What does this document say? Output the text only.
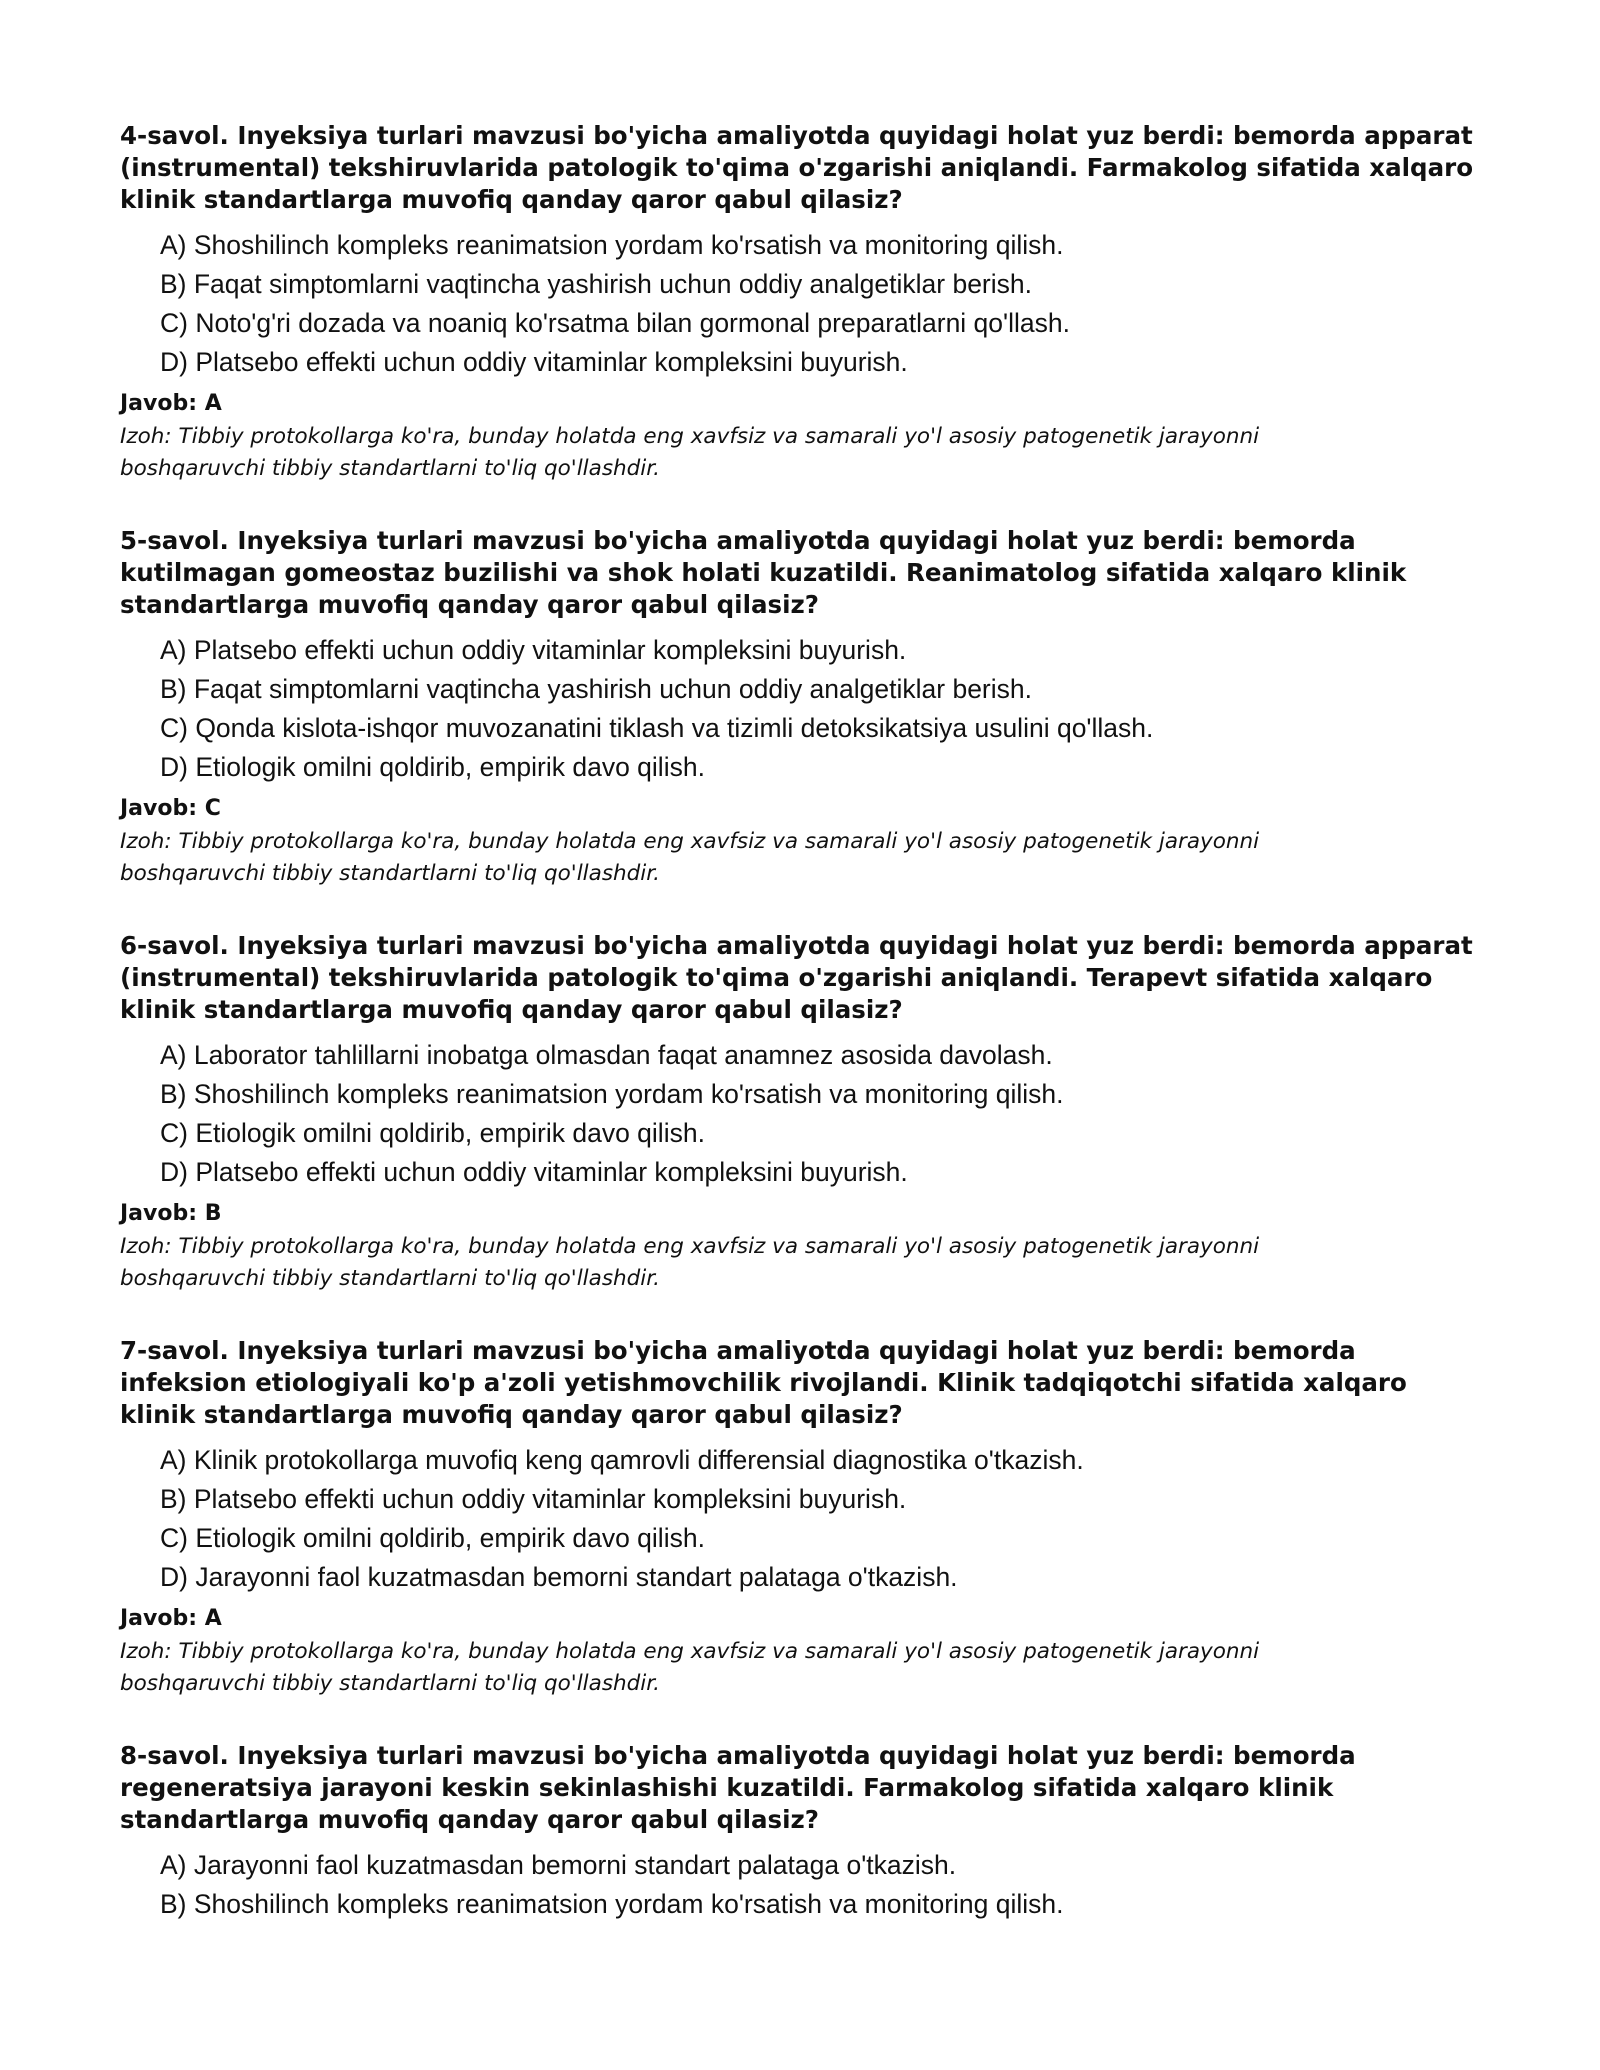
4-savol. Inyeksiya turlari mavzusi bo'yicha amaliyotda quyidagi holat yuz berdi: bemorda apparat (instrumental) tekshiruvlarida patologik to'qima o'zgarishi aniqlandi. Farmakolog sifatida xalqaro klinik standartlarga muvofiq qanday qaror qabul qilasiz?
A) Shoshilinch kompleks reanimatsion yordam ko'rsatish va monitoring qilish.
B) Faqat simptomlarni vaqtincha yashirish uchun oddiy analgetiklar berish.
C) Noto'g'ri dozada va noaniq ko'rsatma bilan gormonal preparatlarni qo'llash.
D) Platsebo effekti uchun oddiy vitaminlar kompleksini buyurish.
Javob: A
Izoh: Tibbiy protokollarga ko'ra, bunday holatda eng xavfsiz va samarali yo'l asosiy patogenetik jarayonni boshqaruvchi tibbiy standartlarni to'liq qo'llashdir.
5-savol. Inyeksiya turlari mavzusi bo'yicha amaliyotda quyidagi holat yuz berdi: bemorda kutilmagan gomeostaz buzilishi va shok holati kuzatildi. Reanimatolog sifatida xalqaro klinik standartlarga muvofiq qanday qaror qabul qilasiz?
A) Platsebo effekti uchun oddiy vitaminlar kompleksini buyurish.
B) Faqat simptomlarni vaqtincha yashirish uchun oddiy analgetiklar berish.
C) Qonda kislota-ishqor muvozanatini tiklash va tizimli detoksikatsiya usulini qo'llash.
D) Etiologik omilni qoldirib, empirik davo qilish.
Javob: C
Izoh: Tibbiy protokollarga ko'ra, bunday holatda eng xavfsiz va samarali yo'l asosiy patogenetik jarayonni boshqaruvchi tibbiy standartlarni to'liq qo'llashdir.
6-savol. Inyeksiya turlari mavzusi bo'yicha amaliyotda quyidagi holat yuz berdi: bemorda apparat (instrumental) tekshiruvlarida patologik to'qima o'zgarishi aniqlandi. Terapevt sifatida xalqaro klinik standartlarga muvofiq qanday qaror qabul qilasiz?
A) Laborator tahlillarni inobatga olmasdan faqat anamnez asosida davolash.
B) Shoshilinch kompleks reanimatsion yordam ko'rsatish va monitoring qilish.
C) Etiologik omilni qoldirib, empirik davo qilish.
D) Platsebo effekti uchun oddiy vitaminlar kompleksini buyurish.
Javob: B
Izoh: Tibbiy protokollarga ko'ra, bunday holatda eng xavfsiz va samarali yo'l asosiy patogenetik jarayonni boshqaruvchi tibbiy standartlarni to'liq qo'llashdir.
7-savol. Inyeksiya turlari mavzusi bo'yicha amaliyotda quyidagi holat yuz berdi: bemorda infeksion etiologiyali ko'p a'zoli yetishmovchilik rivojlandi. Klinik tadqiqotchi sifatida xalqaro klinik standartlarga muvofiq qanday qaror qabul qilasiz?
A) Klinik protokollarga muvofiq keng qamrovli differensial diagnostika o'tkazish.
B) Platsebo effekti uchun oddiy vitaminlar kompleksini buyurish.
C) Etiologik omilni qoldirib, empirik davo qilish.
D) Jarayonni faol kuzatmasdan bemorni standart palataga o'tkazish.
Javob: A
Izoh: Tibbiy protokollarga ko'ra, bunday holatda eng xavfsiz va samarali yo'l asosiy patogenetik jarayonni boshqaruvchi tibbiy standartlarni to'liq qo'llashdir.
8-savol. Inyeksiya turlari mavzusi bo'yicha amaliyotda quyidagi holat yuz berdi: bemorda regeneratsiya jarayoni keskin sekinlashishi kuzatildi. Farmakolog sifatida xalqaro klinik standartlarga muvofiq qanday qaror qabul qilasiz?
A) Jarayonni faol kuzatmasdan bemorni standart palataga o'tkazish.
B) Shoshilinch kompleks reanimatsion yordam ko'rsatish va monitoring qilish.
